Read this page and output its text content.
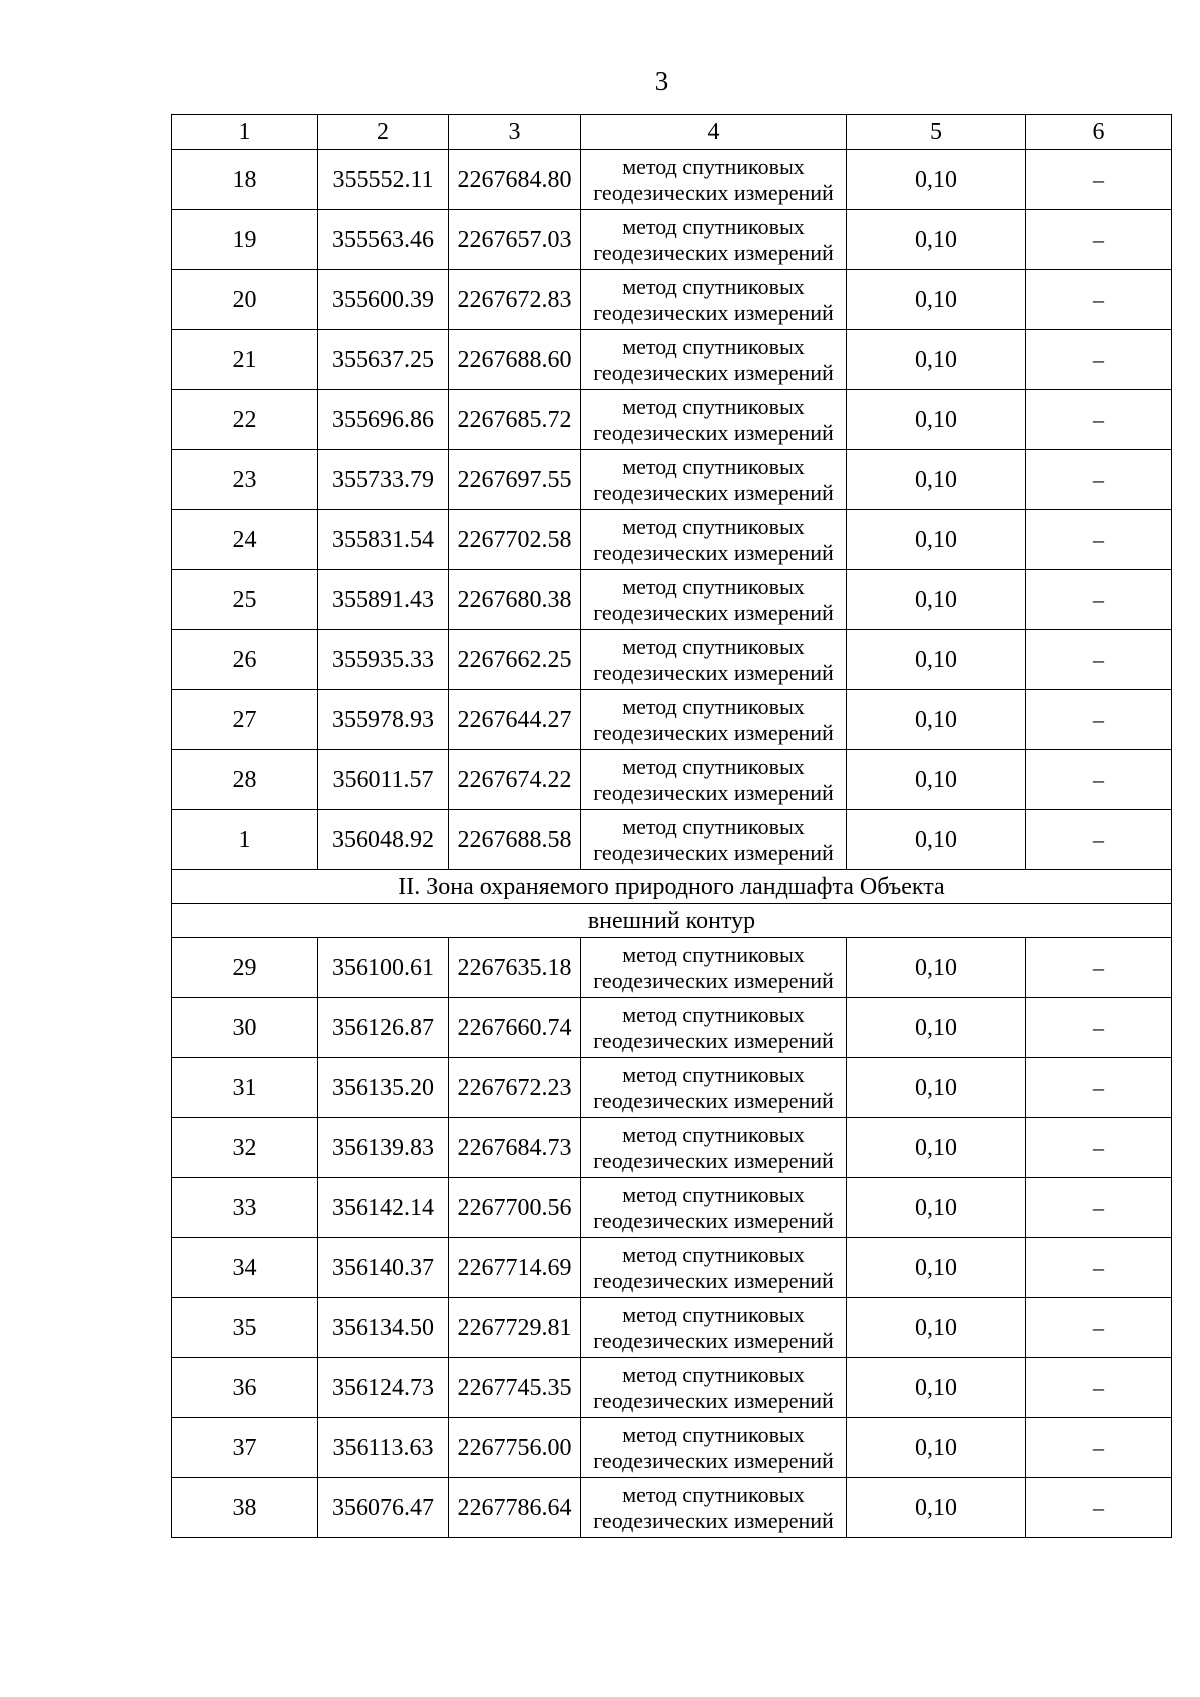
3
1	2	3	4	5	6
18	355552.11	2267684.80	метод спутниковых геодезических измерений	0,10	–
19	355563.46	2267657.03	метод спутниковых геодезических измерений	0,10	–
20	355600.39	2267672.83	метод спутниковых геодезических измерений	0,10	–
21	355637.25	2267688.60	метод спутниковых геодезических измерений	0,10	–
22	355696.86	2267685.72	метод спутниковых геодезических измерений	0,10	–
23	355733.79	2267697.55	метод спутниковых геодезических измерений	0,10	–
24	355831.54	2267702.58	метод спутниковых геодезических измерений	0,10	–
25	355891.43	2267680.38	метод спутниковых геодезических измерений	0,10	–
26	355935.33	2267662.25	метод спутниковых геодезических измерений	0,10	–
27	355978.93	2267644.27	метод спутниковых геодезических измерений	0,10	–
28	356011.57	2267674.22	метод спутниковых геодезических измерений	0,10	–
1	356048.92	2267688.58	метод спутниковых геодезических измерений	0,10	–
II. Зона охраняемого природного ландшафта Объекта					
внешний контур					
29	356100.61	2267635.18	метод спутниковых геодезических измерений	0,10	–
30	356126.87	2267660.74	метод спутниковых геодезических измерений	0,10	–
31	356135.20	2267672.23	метод спутниковых геодезических измерений	0,10	–
32	356139.83	2267684.73	метод спутниковых геодезических измерений	0,10	–
33	356142.14	2267700.56	метод спутниковых геодезических измерений	0,10	–
34	356140.37	2267714.69	метод спутниковых геодезических измерений	0,10	–
35	356134.50	2267729.81	метод спутниковых геодезических измерений	0,10	–
36	356124.73	2267745.35	метод спутниковых геодезических измерений	0,10	–
37	356113.63	2267756.00	метод спутниковых геодезических измерений	0,10	–
38	356076.47	2267786.64	метод спутниковых геодезических измерений	0,10	–
